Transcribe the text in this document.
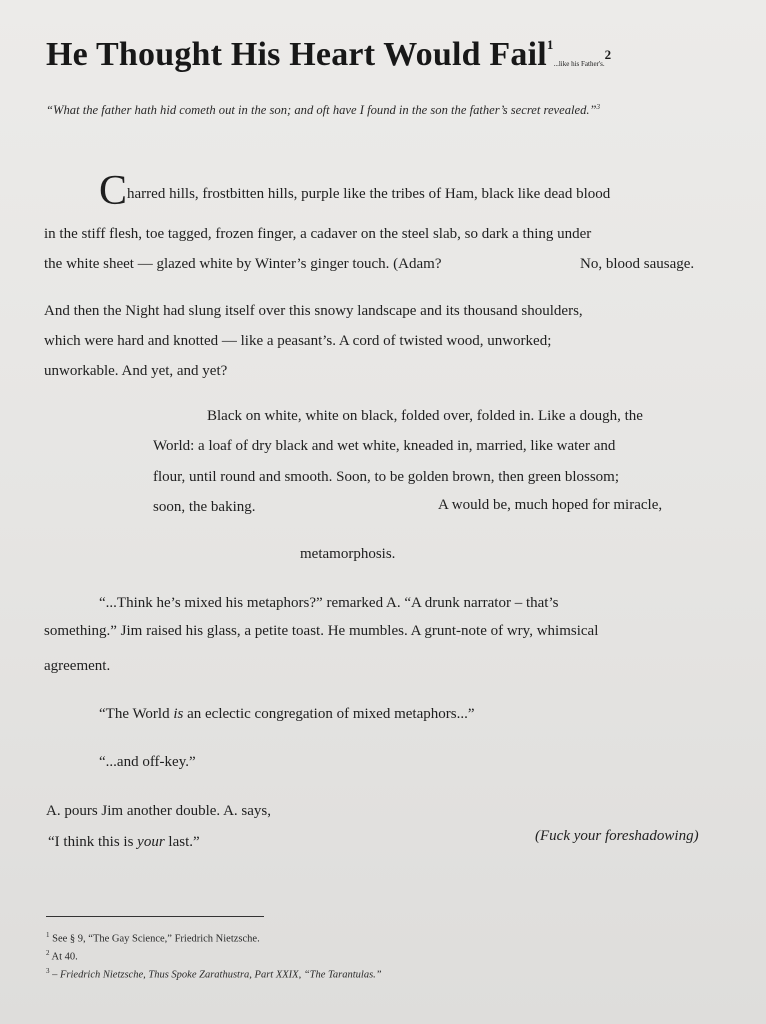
He Thought His Heart Would Fail$^1$...like his Father's.$^2$
“What the father hath hid cometh out in the son; and oft have I found in the son the father’s secret revealed.”$^3$
Charred hills, frostbitten hills, purple like the tribes of Ham, black like dead blood
in the stiff flesh, toe tagged, frozen finger, a cadaver on the steel slab, so dark a thing under
the white sheet — glazed white by Winter’s ginger touch. (Adam?	No, blood sausage.
And then the Night had slung itself over this snowy landscape and its thousand shoulders,
which were hard and knotted — like a peasant’s. A cord of twisted wood, unworked;
unworkable. And yet, and yet?
Black on white, white on black, folded over, folded in. Like a dough, the
World: a loaf of dry black and wet white, kneaded in, married, like water and
flour, until round and smooth. Soon, to be golden brown, then green blossom;
soon, the baking.	A would be, much hoped for miracle,
metamorphosis.
“...Think he’s mixed his metaphors?” remarked A. “A drunk narrator – that’s
something.” Jim raised his glass, a petite toast. He mumbles. A grunt-note of wry, whimsical
agreement.
“The World is an eclectic congregation of mixed metaphors...”
“...and off-key.”
A. pours Jim another double. A. says,
“I think this is your last.”	(Fuck your foreshadowing)
$^1$ See § 9, “The Gay Science,” Friedrich Nietzsche.
$^2$ At 40.
$^3$ – Friedrich Nietzsche, Thus Spoke Zarathustra, Part XXIX, “The Tarantulas.”
